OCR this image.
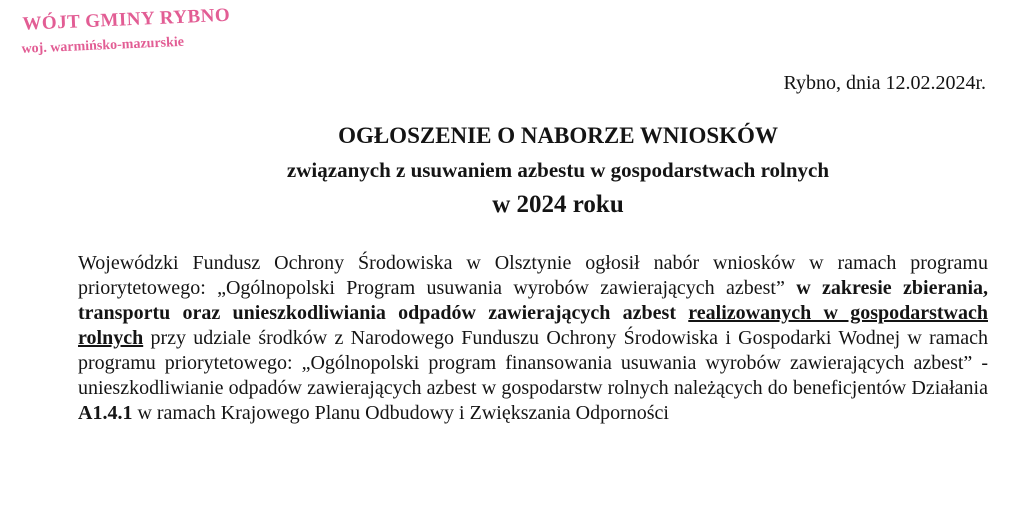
WÓJT GMINY RYBNO
woj. warmińsko-mazurskie
Rybno, dnia 12.02.2024r.
OGŁOSZENIE O NABORZE WNIOSKÓW
związanych z usuwaniem azbestu w gospodarstwach rolnych
w 2024 roku
Wojewódzki Fundusz Ochrony Środowiska w Olsztynie ogłosił nabór wniosków w ramach programu priorytetowego: „Ogólnopolski Program usuwania wyrobów zawierających azbest” w zakresie zbierania, transportu oraz unieszkodliwiania odpadów zawierających azbest realizowanych w gospodarstwach rolnych przy udziale środków z Narodowego Funduszu Ochrony Środowiska i Gospodarki Wodnej w ramach programu priorytetowego: „Ogólnopolski program finansowania usuwania wyrobów zawierających azbest” - unieszkodliwianie odpadów zawierających azbest w gospodarstw rolnych należących do beneficjentów Działania A1.4.1 w ramach Krajowego Planu Odbudowy i Zwiększania Odporności
